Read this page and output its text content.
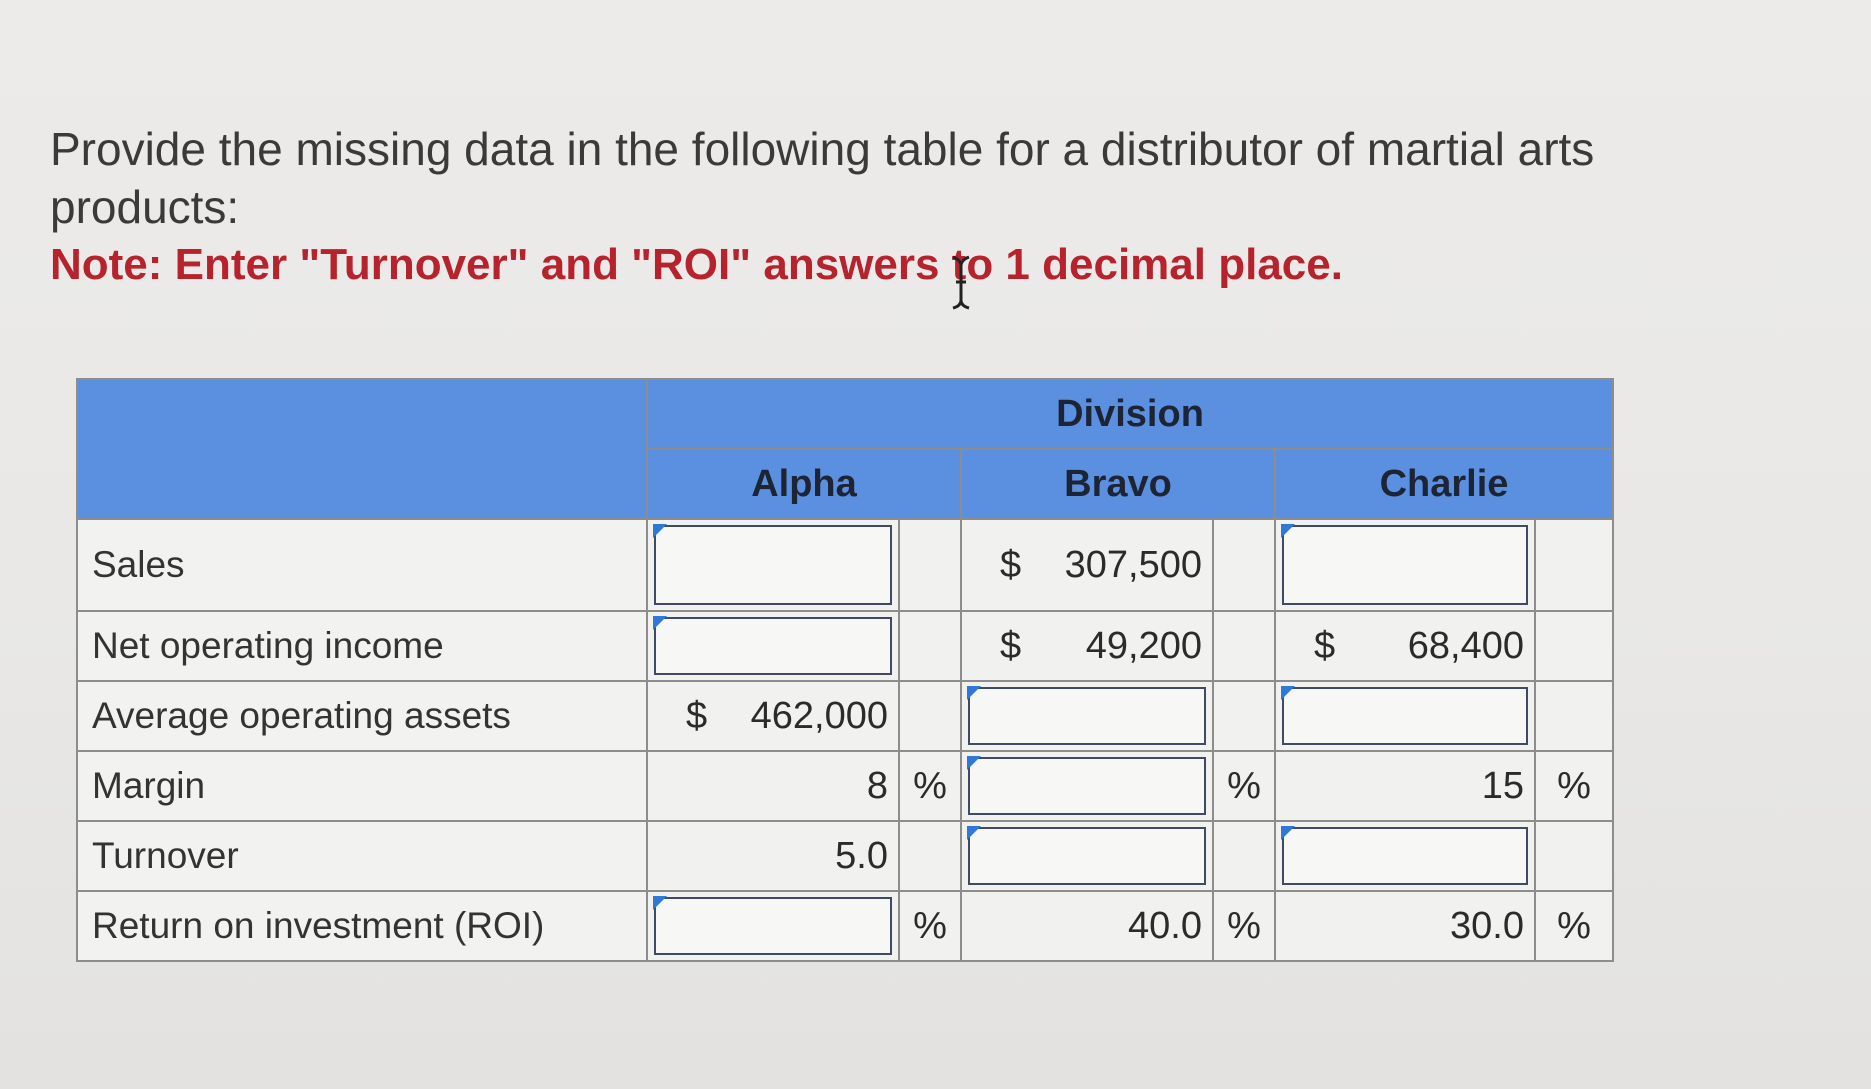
Provide the missing data in the following table for a distributor of martial arts products:
Note: Enter "Turnover" and "ROI" answers to 1 decimal place.
	Division					
	Alpha		Bravo		Charlie	
Sales			$ 307,500		

Net operating income			$ 49,200		$ 68,400	
Average operating assets	$ 462,000		

Margin	8	%		%	15	%
Turnover	5.0		

Return on investment (ROI)		%	40.0	%	30.0	%
